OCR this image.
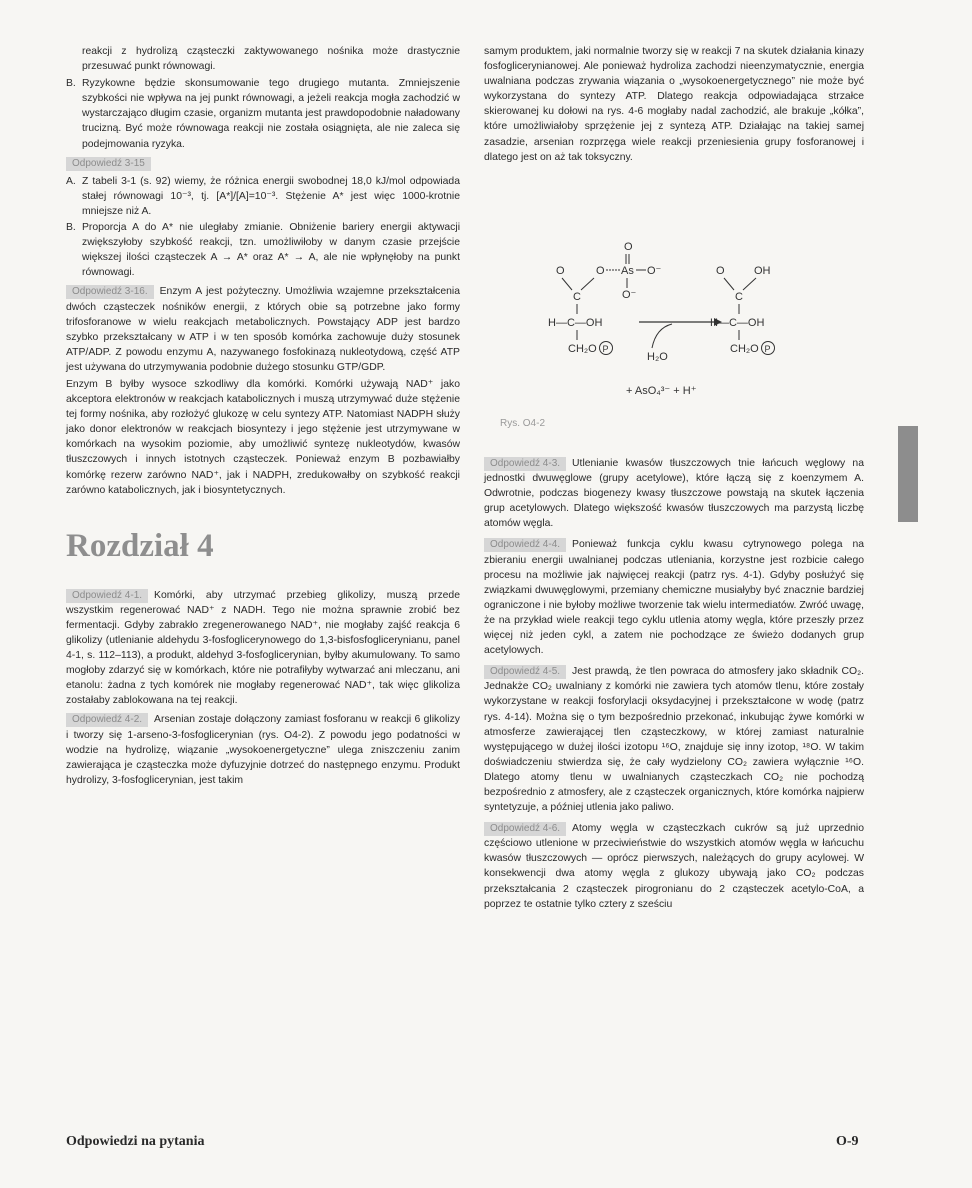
reakcji z hydrolizą cząsteczki zaktywowanego nośnika może drastycznie przesuwać punkt równowagi.

B. Ryzykowne będzie skonsumowanie tego drugiego mutanta. Zmniejszenie szybkości nie wpływa na jej punkt równowagi, a jeżeli reakcja mogła zachodzić w wystarczająco długim czasie, organizm mutanta jest prawdopodobnie naładowany trucizną. Być może równowaga reakcji nie została osiągnięta, ale nie zaleca się podejmowania ryzyka.
Odpowiedź 3-15
A. Z tabeli 3-1 (s. 92) wiemy, że różnica energii swobodnej 18,0 kJ/mol odpowiada stałej równowagi 10⁻³, tj. [A*]/[A]=10⁻³. Stężenie A* jest więc 1000-krotnie mniejsze niż A.
B. Proporcja A do A* nie uległaby zmianie. Obniżenie bariery energii aktywacji zwiększyłoby szybkość reakcji, tzn. umożliwiłoby w danym czasie przejście większej ilości cząsteczek A → A* oraz A* → A, ale nie wpłynęłoby na punkt równowagi.

Odpowiedź 3-16. Enzym A jest pożyteczny. Umożliwia wzajemne przekształcenia dwóch cząsteczek nośników energii, z których obie są potrzebne jako formy trifosforanowe w wielu reakcjach metabolicznych. Powstający ADP jest bardzo szybko przekształcany w ATP i w ten sposób komórka zachowuje duży stosunek ATP/ADP. Z powodu enzymu A, nazywanego fosfokinazą nukleotydową, część ATP jest używana do utrzymywania podobnie dużego stosunku GTP/GDP.

Enzym B byłby wysoce szkodliwy dla komórki. Komórki używają NAD⁺ jako akceptora elektronów w reakcjach katabolicznych i muszą utrzymywać duże stężenie tej formy nośnika, aby rozłożyć glukozę w celu syntezy ATP. Natomiast NADPH służy jako donor elektronów w reakcjach biosyntezy i jego stężenie jest utrzymywane w komórkach na wysokim poziomie, aby umożliwić syntezę nukleotydów, kwasów tłuszczowych i innych istotnych cząsteczek. Ponieważ enzym B pozbawiałby komórkę rezerw zarówno NAD⁺, jak i NADPH, zredukowałby on szybkość reakcji zarówno katabolicznych, jak i biosyntetycznych.

Rozdział 4

Odpowiedź 4-1. Komórki, aby utrzymać przebieg glikolizy, muszą przede wszystkim regenerować NAD⁺ z NADH. Tego nie można sprawnie zrobić bez fermentacji. Gdyby zabrakło zregenerowanego NAD⁺, nie mogłaby zajść reakcja 6 glikolizy (utlenianie aldehydu 3-fosfoglicerynowego do 1,3-bisfosfoglicerynianu, panel 4-1, s. 112–113), a produkt, aldehyd 3-fosfoglicerynian, byłby akumulowany. To samo mogłoby zdarzyć się w komórkach, które nie potrafiłyby wytwarzać ani mleczanu, ani etanolu: żadna z tych komórek nie mogłaby regenerować NAD⁺, tak więc glikoliza zostałaby zablokowana na tej reakcji.

Odpowiedź 4-2. Arsenian zostaje dołączony zamiast fosforanu w reakcji 6 glikolizy i tworzy się 1-arseno-3-fosfoglicerynian (rys. O4-2). Z powodu jego podatności w wodzie na hydrolizę, wiązanie „wysokoenergetyczne” ulega zniszczeniu zanim zawierająca je cząsteczka może dyfuzyjnie dotrzeć do następnego enzymu. Produkt hydrolizy, 3-fosfoglicerynian, jest takim

samym produktem, jaki normalnie tworzy się w reakcji 7 na skutek działania kinazy fosfoglicerynianowej. Ale ponieważ hydroliza zachodzi nieenzymatycznie, energia uwalniana podczas zrywania wiązania o „wysokoenergetycznego” nie może być wykorzystana do syntezy ATP. Dlatego reakcja odpowiadająca strzałce skierowanej ku dołowi na rys. 4-6 mogłaby nadal zachodzić, ale brakuje „kółka”, które umożliwiałoby sprzężenie jej z syntezą ATP. Działając na takiej samej zasadzie, arsenian rozprzęga wiele reakcji przeniesienia grupy fosforanowej i dlatego jest on aż tak toksyczny.

O
O	O As O⁻
O⁻
C
H—C—OH
CH₂O P
H₂O
O	OH
C
H—C—OH
CH₂O P
+ AsO₄³⁻ + H⁺
Rys. O4-2

Odpowiedź 4-3. Utlenianie kwasów tłuszczowych tnie łańcuch węglowy na jednostki dwuwęglowe (grupy acetylowe), które łączą się z koenzymem A. Odwrotnie, podczas biogenezy kwasy tłuszczowe powstają na skutek łączenia grup acetylowych. Dlatego większość kwasów tłuszczowych ma parzystą liczbę atomów węgla.

Odpowiedź 4-4. Ponieważ funkcja cyklu kwasu cytrynowego polega na zbieraniu energii uwalnianej podczas utleniania, korzystne jest rozbicie całego procesu na możliwie jak najwięcej reakcji (patrz rys. 4-1). Gdyby posłużyć się związkami dwuwęglowymi, przemiany chemiczne musiałyby być znacznie bardziej ograniczone i nie byłoby możliwe tworzenie tak wielu intermediatów. Zwróć uwagę, że na przykład wiele reakcji tego cyklu utlenia atomy węgla, które przeszły przez więcej niż jeden cykl, a zatem nie pochodzące ze świeżo dodanych grup acetylowych.

Odpowiedź 4-5. Jest prawdą, że tlen powraca do atmosfery jako składnik CO₂. Jednakże CO₂ uwalniany z komórki nie zawiera tych atomów tlenu, które zostały wykorzystane w reakcji fosforylacji oksydacyjnej i przekształcone w wodę (patrz rys. 4-14). Można się o tym bezpośrednio przekonać, inkubując żywe komórki w atmosferze zawierającej tlen cząsteczkowy, w której zamiast naturalnie występującego w dużej ilości izotopu ¹⁶O, znajduje się inny izotop, ¹⁸O. W takim doświadczeniu stwierdza się, że cały wydzielony CO₂ zawiera wyłącznie ¹⁶O. Dlatego atomy tlenu w uwalnianych cząsteczkach CO₂ nie pochodzą bezpośrednio z atmosfery, ale z cząsteczek organicznych, które komórka najpierw syntetyzuje, a później utlenia jako paliwo.

Odpowiedź 4-6. Atomy węgla w cząsteczkach cukrów są już uprzednio częściowo utlenione w przeciwieństwie do wszystkich atomów węgla w łańcuchu kwasów tłuszczowych — oprócz pierwszych, należących do grupy acylowej. W konsekwencji dwa atomy węgla z glukozy ubywają jako CO₂ podczas przekształcania 2 cząsteczek pirogronianu do 2 cząsteczek acetylo-CoA, a poprzez te ostatnie tylko cztery z sześciu

Odpowiedzi na pytania	O-9
